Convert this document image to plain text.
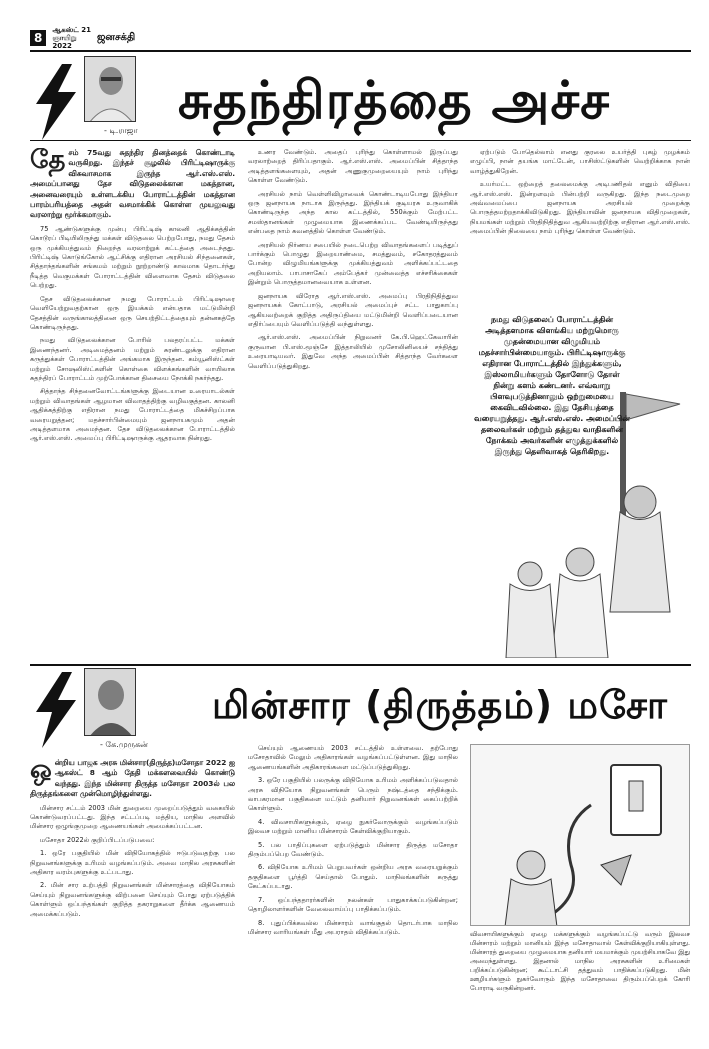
8
ஆகஸ்ட் 21
ஞாயிறு
2022
ஜனசக்தி
- டி.ராஜா சுதந்திரத்தை அச்ச

தேசம் 75வது சுதந்திர தினத்தைக் கொண்டாடி வருகிறது. இந்தச் சூழலில் பிரிட்டிஷாருக்கு விசுவாசமாக இருந்த ஆர்.எஸ்.எஸ். அமைப்பானது தேச விடுதலைக்கான மகத்தான, அனைவரையும் உள்ளடக்கிய போராட்டத்தின் மகத்தான பாரம்பரியத்தை அதன் வசமாக்கிக் கொள்ள முயலுவது வரலாற்று மூர்க்கமாகும்.

75 ஆண்டுகளுக்கு முன்பு பிரிட்டிஷ் காலனி ஆதிக்கத்தின் கொடூரப் பிடியிலிருந்து மக்கள் விடுதலை பெற்றபோது, நமது தேசம் ஒரு முக்கியத்துவம் நிறைந்த வரலாற்றுக் கட்டத்தை அடைந்தது. பிரிட்டிஷ் கொடுங்கோல் ஆட்சிக்கு எதிரான அரசியல் சிந்தனைகள், சித்தாந்தங்களின் சங்கமம் மற்றும் நூற்றாண்டு காலமாக தொடர்ந்து நீடித்த வெகுமக்கள் போராட்டத்தின் விளைவாக தேசம் விடுதலை பெற்றது.

தேச விடுதலைக்கான நமது போராட்டம் பிரிட்டிஷாரை வெளியேற்றுவதற்கான ஒரு இயக்கம் என்பதாக மட்டுமின்றி தேசத்தின் வருங்காலத்தினை ஒரு செயற்திட்டத்தையும் தன்னகத்தே கொண்டிருந்தது.

நமது விடுதலைக்கான போரில் பலதரப்பட்ட மக்கள் இணைந்தனர். அடிமைத்தனம் மற்றும் சுரண்டலுக்கு எதிரான கருத்துக்கள் போராட்டத்தின் அங்கமாக இருந்தன. கம்யூனிஸ்ட்கள் மற்றும் சோஷலிஸ்ட்களின் கொள்கை விளக்கங்களின் வாயிலாக சுதந்திரப் போராட்டம் முற்போக்கான திசையை நோக்கி நகர்ந்தது.

சித்தாந்த சிந்தனைவோட்டங்களுக்கு இடையான உரையாடல்கள் மற்றும் விவாதங்கள் ஆழமான விவாதத்திற்கு வழிவகுத்தன. காலனி ஆதிக்கத்திற்கு எதிரான நமது போராட்டத்தை மிகச்சிறப்பாக வரையறுத்தன; மதச்சார்பின்மையும் ஜனநாயகமும் அதன் அடித்தளமாக அமைந்தன. தேச விடுதலைக்கான போராட்டத்தில் ஆர்.எஸ்.எஸ். அமைப்பு பிரிட்டிஷாருக்கு ஆதரவாக நின்றது.

உணர வேண்டும். அதைப் புரிந்து கொள்ளாமல் இருப்பது வரலாற்றைத் திரிப்பதாகும். ஆர்.எஸ்.எஸ். அமைப்பின் சித்தாந்த அடித்தளங்களையும், அதன் அணுகுமுறையையும் நாம் புரிந்து கொள்ள வேண்டும்.

அரசியல் நாம் வெள்ளிவிழாவைக் கொண்டாடியபோது இந்தியா ஒரு ஜனநாயக நாடாக இருந்தது. இந்தியக் குடியரசு உருவாகிக் கொண்டிருந்த அந்த கால கட்டத்தில், 550க்கும் மேற்பட்ட சமஸ்தானங்கள் முழுமையாக இணைக்கப்பட வேண்டியிருந்தது என்பதை நாம் கவனத்தில் கொள்ள வேண்டும்.

அரசியல் நிர்ணய சபையில் நடைபெற்ற விவாதங்களைப் படித்துப் பார்க்கும் பொழுது இறையாண்மை, சமத்துவம், சகோதரத்துவம் போன்ற விழுமியங்களுக்கு முக்கியத்துவம் அளிக்கப்பட்டதை அறியலாம். பாபாசாகேப் அம்பேத்கர் முன்வைத்த எச்சரிக்கைகள் இன்றும் பொருத்தமானவையாக உள்ளன.

ஜனநாயக விரோத ஆர்.எஸ்.எஸ். அமைப்பு பிரதிநிதித்துவ ஜனநாயகக் கோட்பாடு, அரசியல் அமைப்புச் சட்ட பாதுகாப்பு ஆகியவற்றைக் குறித்த அதிருப்தியை மட்டுமின்றி வெளிப்படையான எதிர்ப்பையும் வெளிப்படுத்தி வந்துள்ளது.

ஆர்.எஸ்.எஸ். அமைப்பின் நிறுவனர் கே.பி.ஹெட்கேவாரின் குருவான பி.எஸ்.மூஞ்சே இத்தாலியில் முசோலினியைச் சந்தித்து உரையாடியவர். இதுவே அந்த அமைப்பின் சித்தாந்த வேர்களை வெளிப்படுத்துகிறது.

ஏற்படும் போதெல்லாம் எனது குரலை உயர்த்தி புகழ் முழக்கம் எழுப்பி, நான் தயங்க மாட்டேன், பாசிஸ்ட்டுகளின் வெற்றிக்காக நான் வாழ்த்துகிறேன்.

உயர்மட்ட ஒற்றைத் தலைமைக்கு அடிபணிதல் எனும் விதியை ஆர்.எஸ்.எஸ். இன்றளவும் பின்பற்றி வருகிறது. இந்த நடைமுறை அவ்வமைப்பை ஜனநாயக அரசியல் முறைக்கு பொருத்தமற்றதாக்கிவிடுகிறது. இந்தியாவின் ஜனநாயக விதிமுறைகள், நியமங்கள் மற்றும் பிரதிநிதித்துவ ஆகியவற்றிற்கு எதிரான ஆர்.எஸ்.எஸ். அமைப்பின் நிலையை நாம் புரிந்து கொள்ள வேண்டும்.

நமது விடுதலைப் போராட்டத்தின் அடித்தளமாக விளங்கிய மற்றுமொரு முதன்மையான விழுமியம் மதச்சார்பின்மையாகும். பிரிட்டிஷாருக்கு எதிரான போராட்டத்தில் இந்துக்களும், இஸ்லாமியர்களும் தோளோடு தோள் நின்று களம் கண்டனர். எவ்வாறு பிளவுபடுத்தினாலும் ஒற்றுமையை கைவிடவில்லை. இது தேசியத்தை வரையறுத்தது. ஆர்.எஸ்.எஸ். அமைப்பின் தலைவர்கள் மற்றும் தத்துவ வாதிகளின் நோக்கம் அவர்களின் எழுத்துக்களில் இருந்து தெளிவாகத் தெரிகிறது.
- கே.முருகன்
மின்சார (திருத்தம்) மசோ

ஒன்றிய பாஜக அரசு மின்சார(திருத்த)மசோதா 2022 ஐ ஆகஸ்ட் 8 ஆம் தேதி மக்களவையில் கொண்டு வந்தது. இந்த மின்சார திருத்த மசோதா 2003ல் பல திருத்தங்களை முன்மொழிந்துள்ளது.

மின்சார சட்டம் 2003 மின் துறையை முறைப்படுத்தும் வகையில் கொண்டுவரப்பட்டது. இந்த சட்டப்படி மத்திய, மாநில அளவில் மின்சார ஒழுங்குமுறை ஆணையங்கள் அமைக்கப்பட்டன.

மசோதா 2022ல் குறிப்பிடப்படுபவை:

1. ஒரே பகுதியில் மின் விநியோகத்தில் ஈடுபடுவதற்கு பல நிறுவனங்களுக்கு உரிமம் வழங்கப்படும். அவை மாநில அரசுகளின் அதிகார வரம்புகளுக்கு உட்படாது.

2. மின் சார உற்பத்தி நிறுவனங்கள் மின்சாரத்தை விநியோகம் செய்யும் நிறுவனங்களுக்கு விற்பனை செய்யும் போது ஏற்படுத்திக் கொள்ளும் ஒப்பந்தங்கள் குறித்த தகராறுகளை தீர்க்க ஆணையம் அமைக்கப்படும்.

செய்யும் ஆணையம் 2003 சட்டத்தில் உள்ளவை. தற்போது மசோதாவில் மேலும் அதிகாரங்கள் வழங்கப்பட்டுள்ளன. இது மாநில ஆணையங்களின் அதிகாரங்களை மட்டுப்படுத்துகிறது.

3. ஒரே பகுதியில் பலருக்கு விநியோக உரிமம் அளிக்கப்படுவதால் அரசு விநியோக நிறுவனங்கள் பெரும் நஷ்டத்தை சந்திக்கும். லாபகரமான பகுதிகளை மட்டும் தனியார் நிறுவனங்கள் கைப்பற்றிக் கொள்ளும்.

4. விவசாயிகளுக்கும், ஏழை நுகர்வோருக்கும் வழங்கப்படும் இலவச மற்றும் மானிய மின்சாரம் கேள்விக்குறியாகும்.

5. பல பாதிப்புகளை ஏற்படுத்தும் மின்சார திருத்த மசோதா திரும்பப்பெற வேண்டும்.

6. விநியோக உரிமம் பெறுபவர்கள் ஒன்றிய அரசு வரையறுக்கும் தகுதிகளை பூர்த்தி செய்தால் போதும். மாநிலங்களின் கருத்து கேட்கப்படாது.

7. ஒப்பந்ததாரர்களின் நலன்கள் பாதுகாக்கப்படுகின்றன; தொழிலாளர்களின் வேலைவாய்ப்பு பாதிக்கப்படும்.

8. புதுப்பிக்கவல்ல மின்சாரம் வாங்குதல் தொடர்பாக மாநில மின்சார வாரியங்கள் மீது அபராதம் விதிக்கப்படும்.	விவசாயிகளுக்கும் ஏழை மக்களுக்கும் வழங்கப்பட்டு வரும் இலவச மின்சாரம் மற்றும் மானியம் இந்த மசோதாவால் கேள்விக்குறியாகியுள்ளது. மின்சாரத் துறையை முழுமையாக தனியார் மயமாக்கும் முயற்சியாகவே இது அமைந்துள்ளது. இதனால் மாநில அரசுகளின் உரிமைகள் பறிக்கப்படுகின்றன; கூட்டாட்சி தத்துவம் பாதிக்கப்படுகிறது. மின் ஊழியர்களும் நுகர்வோரும் இந்த மசோதாவை திரும்பப்பெறக் கோரி போராடி வருகின்றனர்.
